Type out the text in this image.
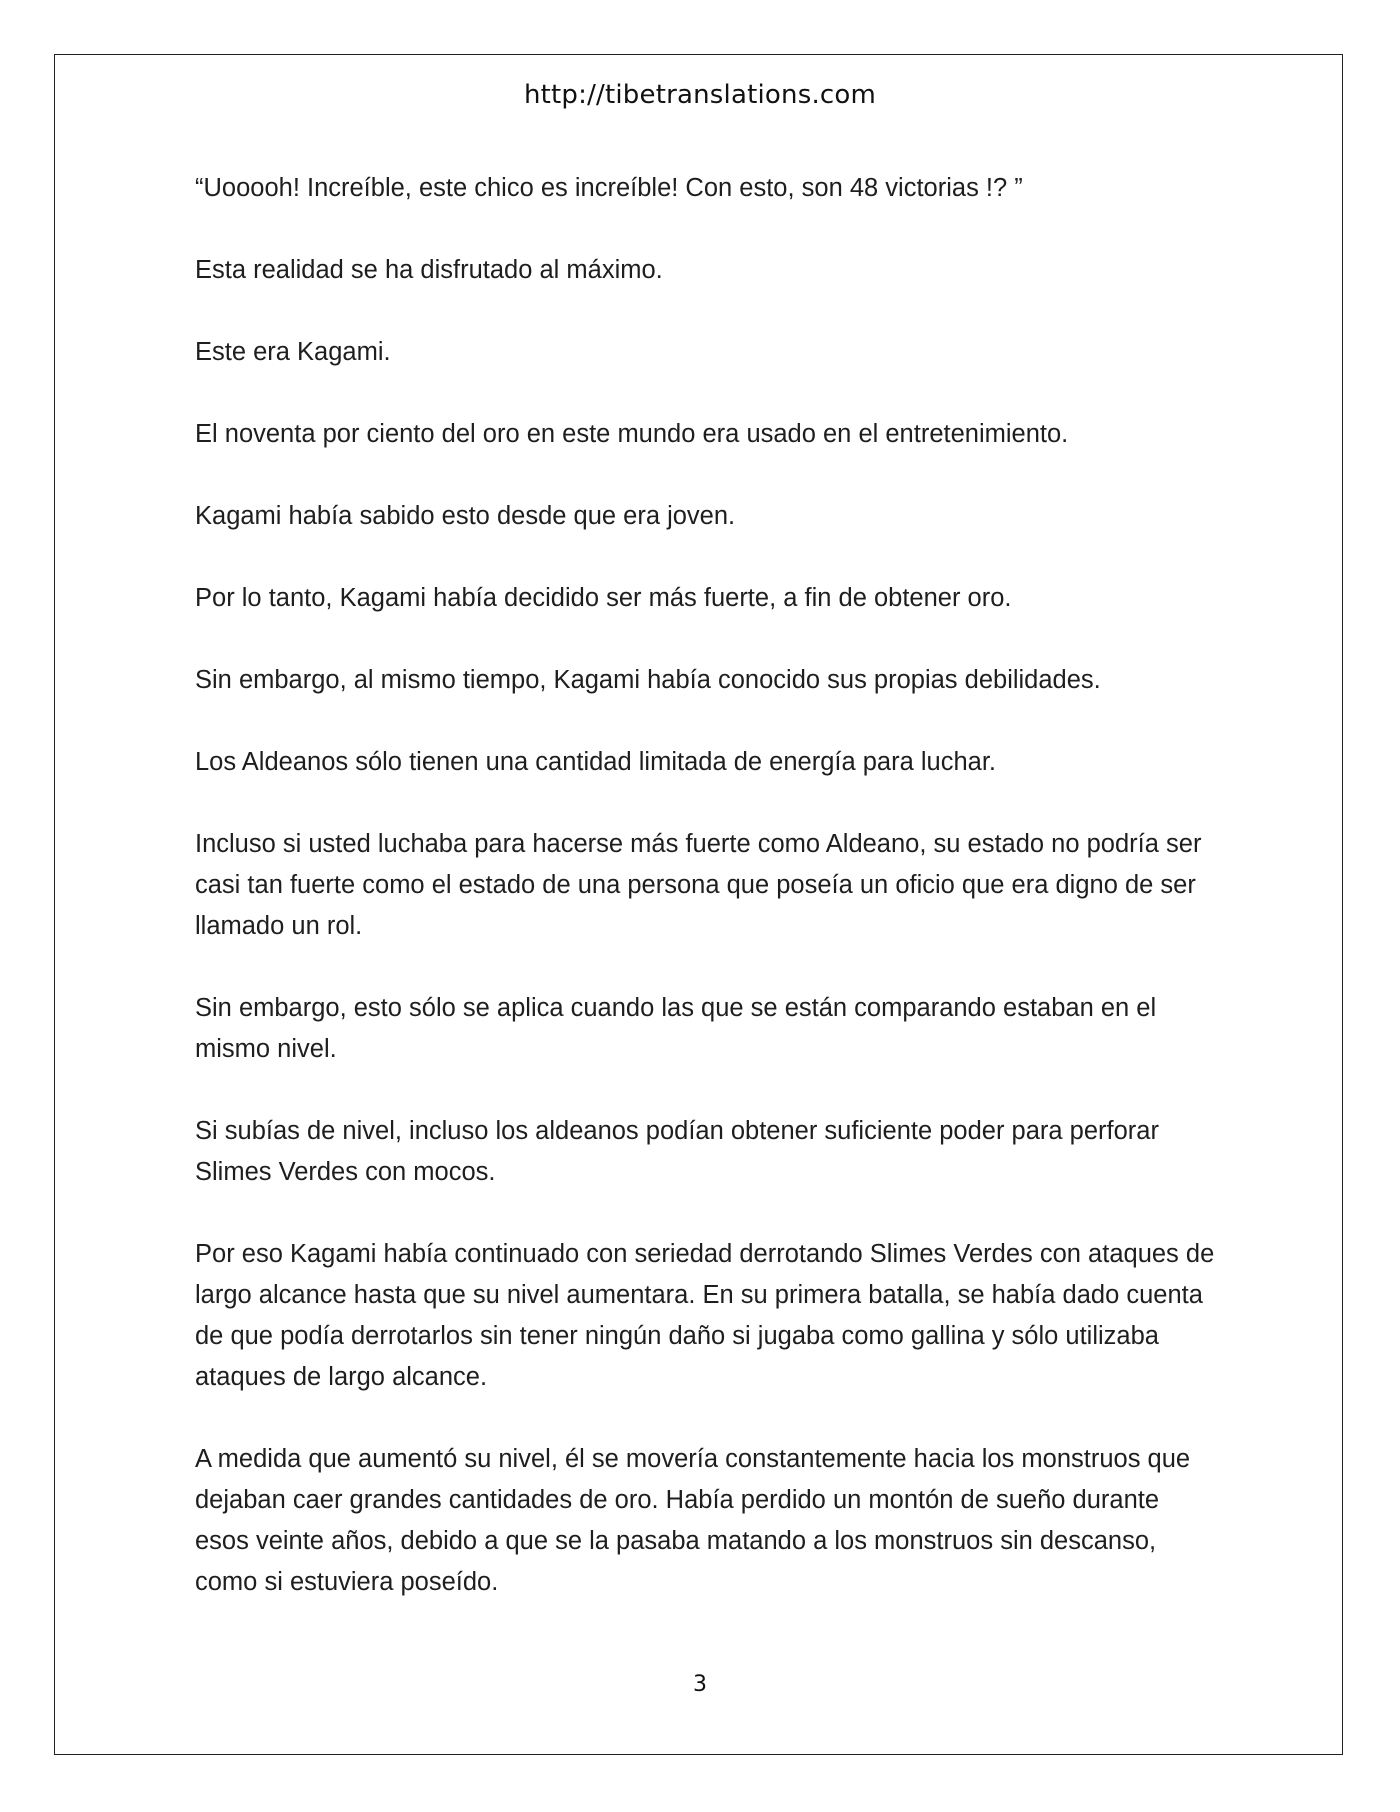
http://tibetranslations.com

“Uooooh! Increíble, este chico es increíble! Con esto, son 48 victorias !? ”

Esta realidad se ha disfrutado al máximo.

Este era Kagami.

El noventa por ciento del oro en este mundo era usado en el entretenimiento.

Kagami había sabido esto desde que era joven.

Por lo tanto, Kagami había decidido ser más fuerte, a fin de obtener oro.

Sin embargo, al mismo tiempo, Kagami había conocido sus propias debilidades.

Los Aldeanos sólo tienen una cantidad limitada de energía para luchar.

Incluso si usted luchaba para hacerse más fuerte como Aldeano, su estado no podría ser casi tan fuerte como el estado de una persona que poseía un oficio que era digno de ser llamado un rol.

Sin embargo, esto sólo se aplica cuando las que se están comparando estaban en el mismo nivel.

Si subías de nivel, incluso los aldeanos podían obtener suficiente poder para perforar Slimes Verdes con mocos.

Por eso Kagami había continuado con seriedad derrotando Slimes Verdes con ataques de largo alcance hasta que su nivel aumentara. En su primera batalla, se había dado cuenta de que podía derrotarlos sin tener ningún daño si jugaba como gallina y sólo utilizaba ataques de largo alcance.

A medida que aumentó su nivel, él se movería constantemente hacia los monstruos que dejaban caer grandes cantidades de oro. Había perdido un montón de sueño durante esos veinte años, debido a que se la pasaba matando a los monstruos sin descanso, como si estuviera poseído.

3
